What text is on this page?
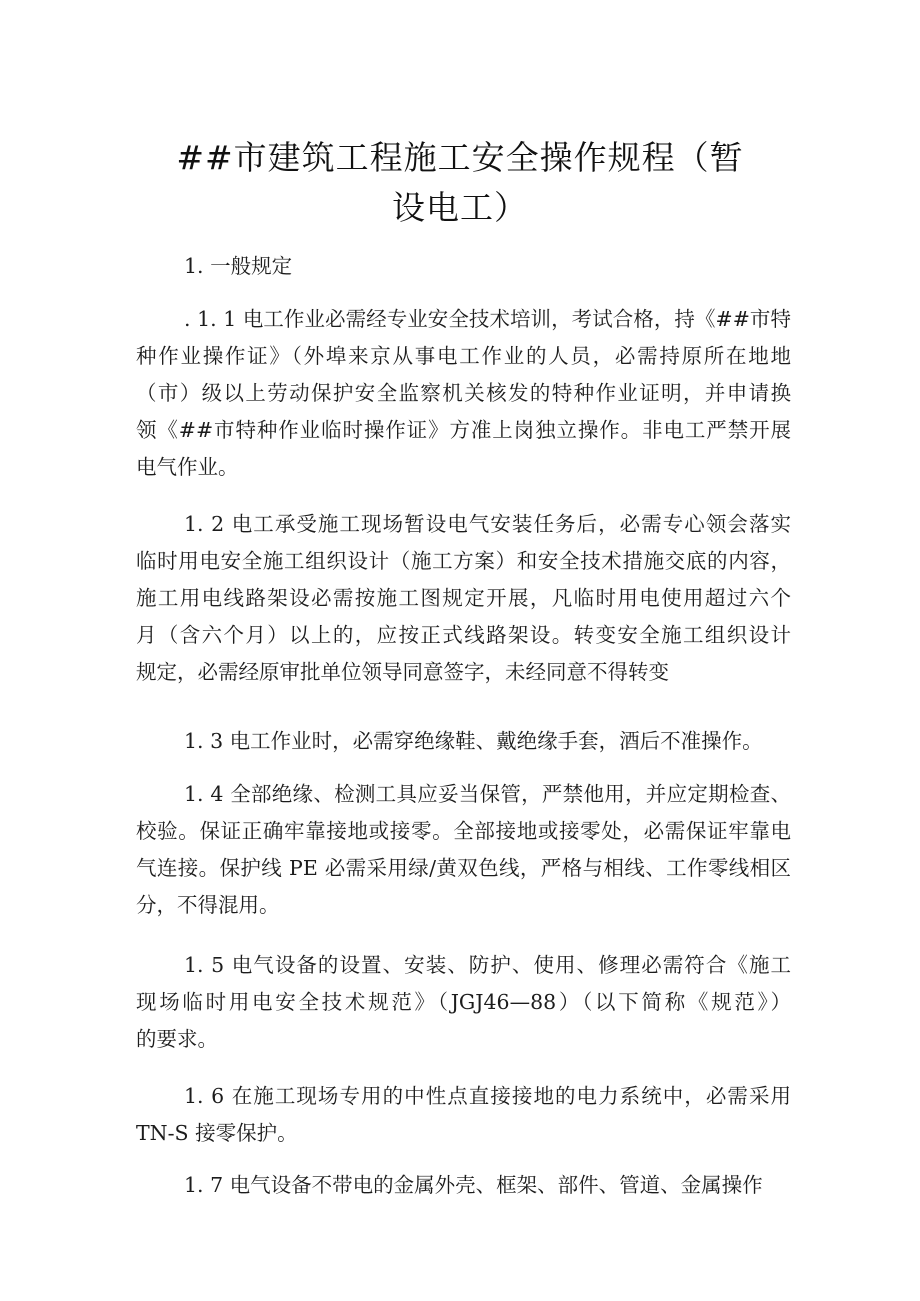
##市建筑工程施工安全操作规程（暂
设电工）
1. 一般规定
. 1. 1 电工作业必需经专业安全技术培训，考试合格，持《##市特
种作业操作证》（外埠来京从事电工作业的人员，必需持原所在地地
（市）级以上劳动保护安全监察机关核发的特种作业证明，并申请换
领《##市特种作业临时操作证》方准上岗独立操作。非电工严禁开展
电气作业。
1. 2 电工承受施工现场暂设电气安装任务后，必需专心领会落实
临时用电安全施工组织设计（施工方案）和安全技术措施交底的内容，
施工用电线路架设必需按施工图规定开展，凡临时用电使用超过六个
月（含六个月）以上的，应按正式线路架设。转变安全施工组织设计
规定，必需经原审批单位领导同意签字，未经同意不得转变
1. 3 电工作业时，必需穿绝缘鞋、戴绝缘手套，酒后不准操作。
1. 4 全部绝缘、检测工具应妥当保管，严禁他用，并应定期检查、
校验。保证正确牢靠接地或接零。全部接地或接零处，必需保证牢靠电
气连接。保护线 PE 必需采用绿/黄双色线，严格与相线、工作零线相区
分，不得混用。
1. 5 电气设备的设置、安装、防护、使用、修理必需符合《施工
现场临时用电安全技术规范》（JGJ46—88）（以下简称《规范》）
的要求。
1. 6 在施工现场专用的中性点直接接地的电力系统中，必需采用
TN-S 接零保护。
1. 7 电气设备不带电的金属外壳、框架、部件、管道、金属操作
